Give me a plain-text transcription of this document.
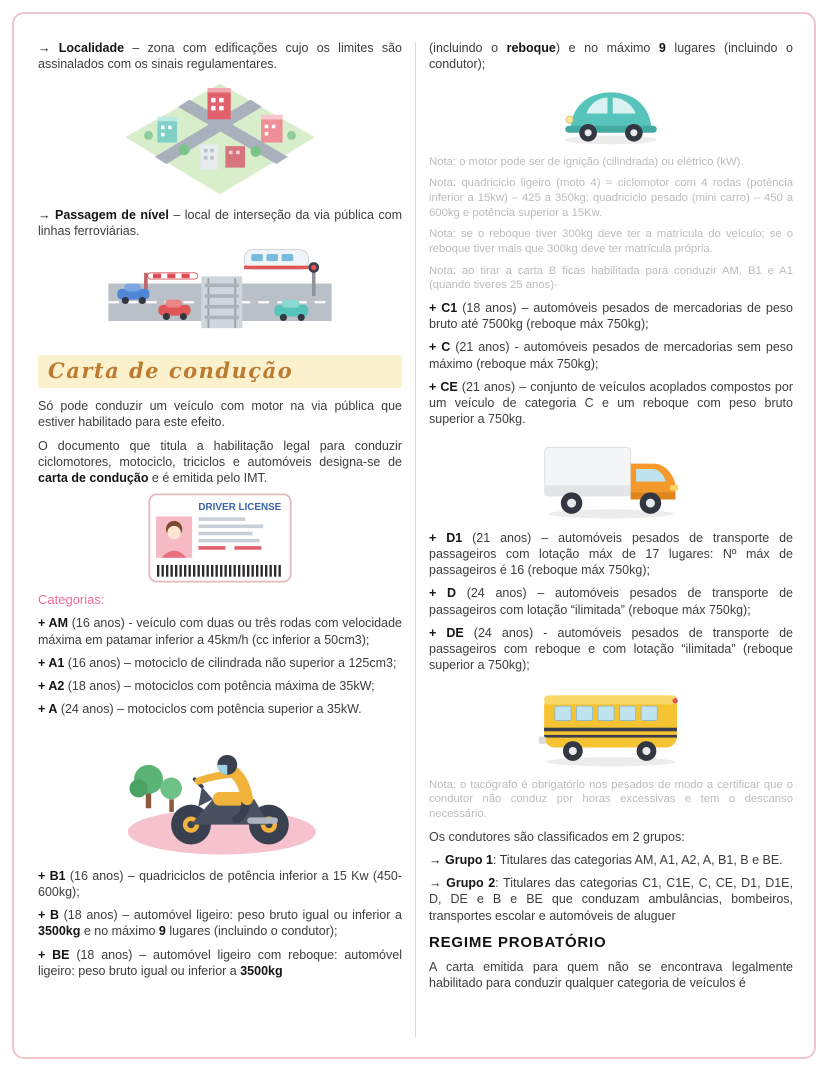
→ Localidade – zona com edificações cujo os limites são assinalados com os sinais regulamentares.

→ Passagem de nível – local de interseção da via pública com linhas ferroviárias.

Carta de condução

Só pode conduzir um veículo com motor na via pública que estiver habilitado para este efeito.

O documento que titula a habilitação legal para conduzir ciclomotores, motociclo, triciclos e automóveis designa-se de carta de condução e é emitida pelo IMT.

DRIVER LICENSE
Categorias:

+ AM (16 anos) - veículo com duas ou três rodas com velocidade máxima em patamar inferior a 45km/h (cc inferior a 50cm3);

+ A1 (16 anos) – motociclo de cilindrada não superior a 125cm3;

+ A2 (18 anos) – motociclos com potência máxima de 35kW;

+ A (24 anos) – motociclos com potência superior a 35kW.

+ B1 (16 anos) – quadriciclos de potência inferior a 15 Kw (450-600kg);

+ B (18 anos) – automóvel ligeiro: peso bruto igual ou inferior a 3500kg e no máximo 9 lugares (incluindo o condutor);

+ BE (18 anos) – automóvel ligeiro com reboque: automóvel ligeiro: peso bruto igual ou inferior a 3500kg

(incluindo o reboque) e no máximo 9 lugares (incluindo o condutor);

Nota: o motor pode ser de ignição (cilindrada) ou elétrico (kW).

Nota: quadriciclo ligeiro (moto 4) = ciclomotor com 4 rodas (potência inferior a 15kw) – 425 a 350kg; quadriciclo pesado (mini carro) – 450 a 600kg e potência superior a 15Kw.

Nota: se o reboque tiver 300kg deve ter a matrícula do veículo; se o reboque tiver mais que 300kg deve ter matrícula própria.

Nota: ao tirar a carta B ficas habilitada para conduzir AM, B1 e A1 (quando tiveres 25 anos)-

+ C1 (18 anos) – automóveis pesados de mercadorias de peso bruto até 7500kg (reboque máx 750kg);

+ C (21 anos) - automóveis pesados de mercadorias sem peso máximo (reboque máx 750kg);

+ CE (21 anos) – conjunto de veículos acoplados compostos por um veículo de categoria C e um reboque com peso bruto superior a 750kg.

+ D1 (21 anos) – automóveis pesados de transporte de passageiros com lotação máx de 17 lugares: Nº máx de passageiros é 16 (reboque máx 750kg);

+ D (24 anos) – automóveis pesados de transporte de passageiros com lotação “ilimitada” (reboque máx 750kg);

+ DE (24 anos) - automóveis pesados de transporte de passageiros com reboque e com lotação “ilimitada” (reboque superior a 750kg);

Nota: o tacógrafo é obrigatório nos pesados de modo a certificar que o condutor não conduz por horas excessivas e tem o descanso necessário.

Os condutores são classificados em 2 grupos:

→ Grupo 1: Titulares das categorias AM, A1, A2, A, B1, B e BE.

→ Grupo 2: Titulares das categorias C1, C1E, C, CE, D1, D1E, D, DE e B e BE que conduzam ambulâncias, bombeiros, transportes escolar e automóveis de aluguer

REGIME PROBATÓRIO

A carta emitida para quem não se encontrava legalmente habilitado para conduzir qualquer categoria de veículos é
